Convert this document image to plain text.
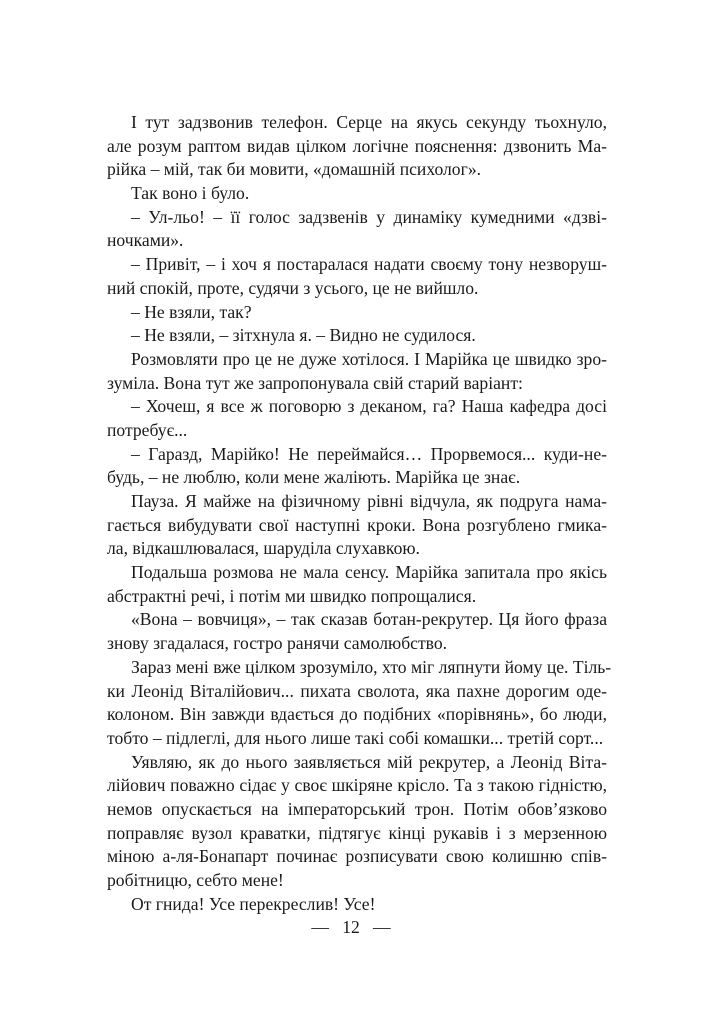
І тут задзвонив телефон. Серце на якусь секунду тьохнуло,
але розум раптом видав цілком логічне пояснення: дзвонить Ма-
рійка – мій, так би мовити, «домашній психолог».
Так воно і було.
– Ул-льо! – її голос задзвенів у динаміку кумедними «дзві-
ночками».
– Привіт, – і хоч я постаралася надати своєму тону незворуш-
ний спокій, проте, судячи з усього, це не вийшло.
– Не взяли, так?
– Не взяли, – зітхнула я. – Видно не судилося.
Розмовляти про це не дуже хотілося. І Марійка це швидко зро-
зуміла. Вона тут же запропонувала свій старий варіант:
– Хочеш, я все ж поговорю з деканом, га? Наша кафедра досі
потребує...
– Гаразд, Марійко! Не переймайся… Прорвемося... куди-не-
будь, – не люблю, коли мене жаліють. Марійка це знає.
Пауза. Я майже на фізичному рівні відчула, як подруга нама-
гається вибудувати свої наступні кроки. Вона розгублено гмика-
ла, відкашлювалася, шаруділа слухавкою.
Подальша розмова не мала сенсу. Марійка запитала про якісь
абстрактні речі, і потім ми швидко попрощалися.
«Вона – вовчиця», – так сказав ботан-рекрутер. Ця його фраза
знову згадалася, гостро ранячи самолюбство.
Зараз мені вже цілком зрозуміло, хто міг ляпнути йому це. Тіль-
ки Леонід Віталійович... пихата сволота, яка пахне дорогим оде-
колоном. Він завжди вдається до подібних «порівнянь», бо люди,
тобто – підлеглі, для нього лише такі собі комашки... третій сорт...
Уявляю, як до нього заявляється мій рекрутер, а Леонід Віта-
лійович поважно сідає у своє шкіряне крісло. Та з такою гідністю,
немов опускається на імператорський трон. Потім обов’язково
поправляє вузол краватки, підтягує кінці рукавів і з мерзенною
міною а-ля-Бонапарт починає розписувати свою колишню спів-
робітницю, себто мене!
От гнида! Усе перекреслив! Усе!
—   12   —
